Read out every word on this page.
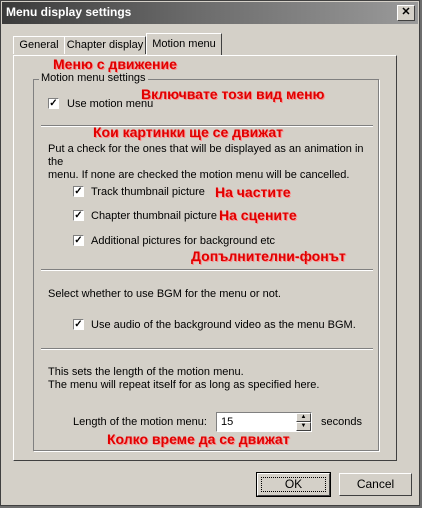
Menu display settings	✕
General Chapter display Motion menu
Motion menu settings
Меню с движение
✓ Use motion menu
Включвате този вид меню
Кои картинки ще се движат
Put a check for the ones that will be displayed as an animation in the
menu. If none are checked the motion menu will be cancelled.
✓ Track thumbnail picture На частите
✓ Chapter thumbnail picture На сцените
✓ Additional pictures for background etc
Допълнителни-фонът
Select whether to use BGM for the menu or not.
✓ Use audio of the background video as the menu BGM.
This sets the length of the motion menu.
The menu will repeat itself for as long as specified here.
Length of the motion menu: 15	▲
▼	seconds
Колко време да се движат
OK	Cancel
